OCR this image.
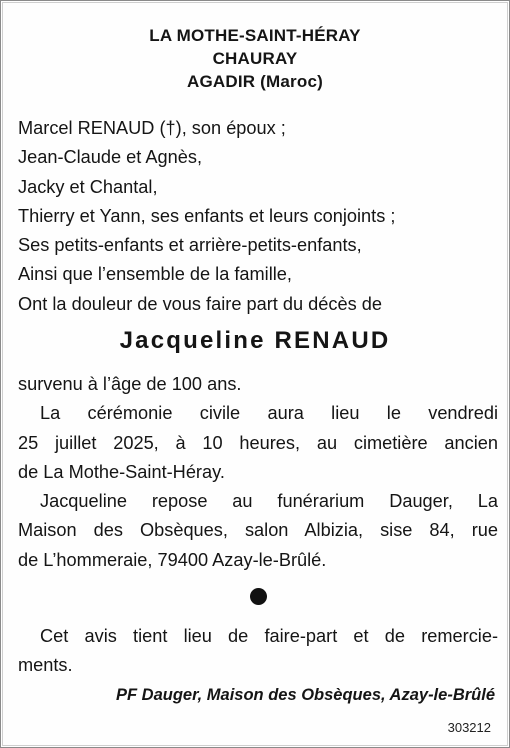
LA MOTHE-SAINT-HÉRAY
CHAURAY
AGADIR (Maroc)
Marcel RENAUD (†), son époux ;
Jean-Claude et Agnès,
Jacky et Chantal,
Thierry et Yann, ses enfants et leurs conjoints ;
Ses petits-enfants et arrière-petits-enfants,
Ainsi que l’ensemble de la famille,
Ont la douleur de vous faire part du décès de
Jacqueline RENAUD
survenu à l’âge de 100 ans.
La cérémonie civile aura lieu le vendredi
25 juillet 2025, à 10 heures, au cimetière ancien
de La Mothe-Saint-Héray.
Jacqueline repose au funérarium Dauger, La
Maison des Obsèques, salon Albizia, sise 84, rue
de L’hommeraie, 79400 Azay-le-Brûlé.
Cet avis tient lieu de faire-part et de remercie-
ments.
PF Dauger, Maison des Obsèques, Azay-le-Brûlé
303212
